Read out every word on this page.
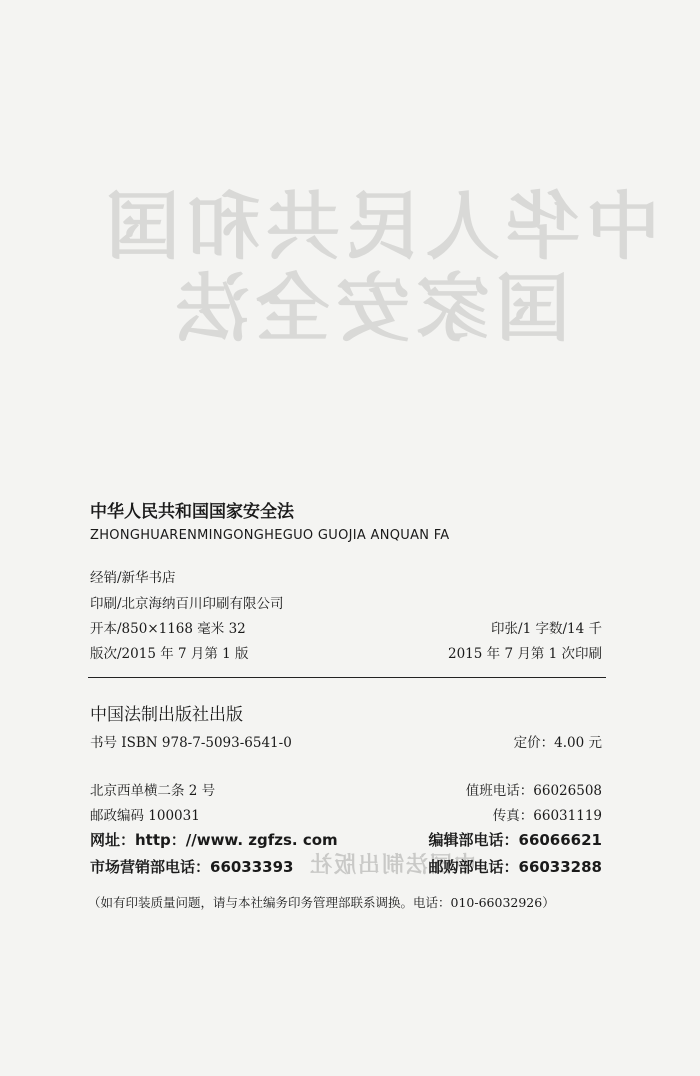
中华人民共和国
国家安全法
中国法制出版社
中华人民共和国国家安全法
ZHONGHUARENMINGONGHEGUO GUOJIA ANQUAN FA
经销/新华书店
印刷/北京海纳百川印刷有限公司
开本/850×1168 毫米 32	印张/1 字数/14 千
版次/2015 年 7 月第 1 版	2015 年 7 月第 1 次印刷
中国法制出版社出版
书号 ISBN 978-7-5093-6541-0	定价：4.00 元
北京西单横二条 2 号	值班电话：66026508
邮政编码 100031	传真：66031119
网址：http：//www. zgfzs. com	编辑部电话：66066621
市场营销部电话：66033393	邮购部电话：66033288
（如有印装质量问题，请与本社编务印务管理部联系调换。电话：010-66032926）
